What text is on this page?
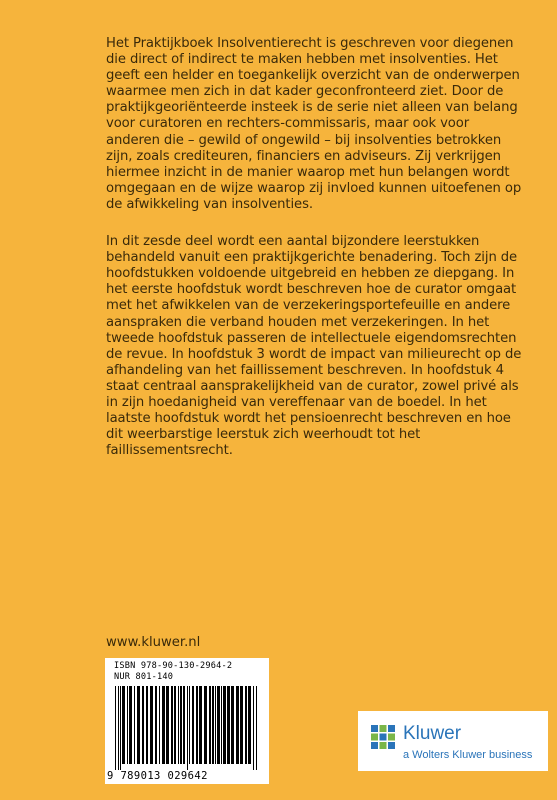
Het Praktijkboek Insolventierecht is geschreven voor diegenen die direct of indirect te maken hebben met insolventies. Het geeft een helder en toegankelijk overzicht van de onderwerpen waarmee men zich in dat kader geconfronteerd ziet. Door de praktijkgeoriënteerde insteek is de serie niet alleen van belang voor curatoren en rechters-commissaris, maar ook voor anderen die – gewild of ongewild – bij insolventies betrokken zijn, zoals crediteuren, financiers en adviseurs. Zij verkrijgen hiermee inzicht in de manier waarop met hun belangen wordt omgegaan en de wijze waarop zij invloed kunnen uitoefenen op de afwikkeling van insolventies.

In dit zesde deel wordt een aantal bijzondere leerstukken behandeld vanuit een praktijkgerichte benadering. Toch zijn de hoofdstukken voldoende uitgebreid en hebben ze diepgang. In het eerste hoofdstuk wordt beschreven hoe de curator omgaat met het afwikkelen van de verzekeringsportefeuille en andere aanspraken die verband houden met verzekeringen. In het tweede hoofdstuk passeren de intellectuele eigendomsrechten de revue. In hoofdstuk 3 wordt de impact van milieurecht op de afhandeling van het faillissement beschreven. In hoofdstuk 4 staat centraal aansprakelijkheid van de curator, zowel privé als in zijn hoedanigheid van vereffenaar van de boedel. In het laatste hoofdstuk wordt het pensioenrecht beschreven en hoe dit weerbarstige leerstuk zich weerhoudt tot het faillissementsrecht.

www.kluwer.nl
ISBN 978-90-130-2964-2
NUR 801-140
9 789013 029642
Kluwer
a Wolters Kluwer business
